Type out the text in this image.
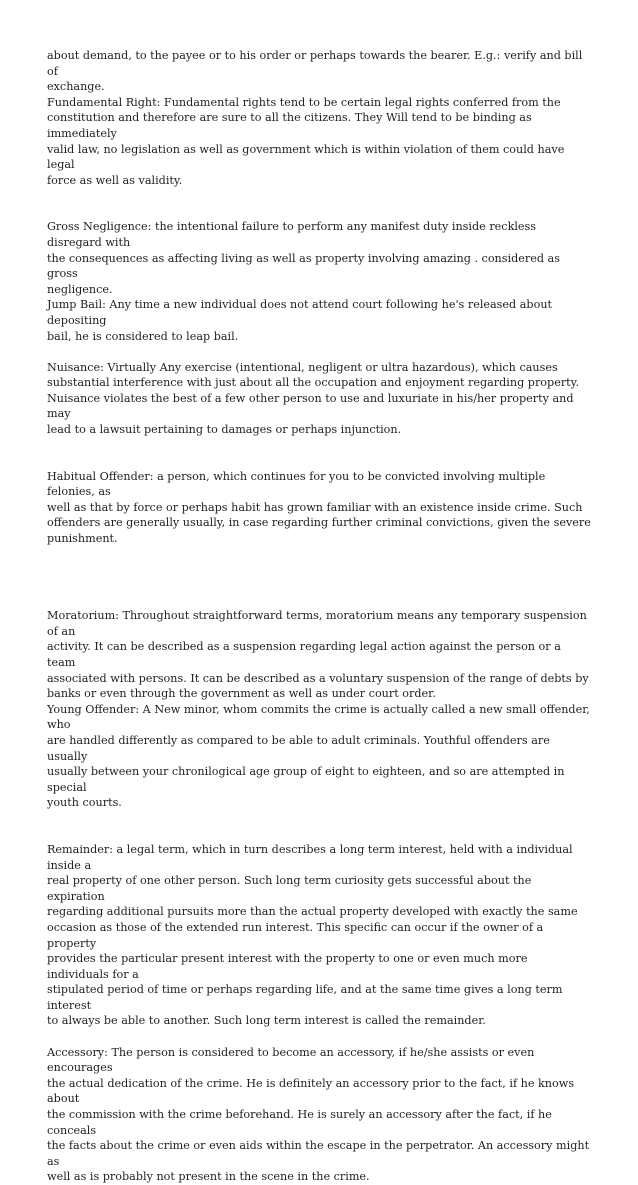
about demand, to the payee or to his order or perhaps towards the bearer. E.g.: verify and bill of
exchange.

Fundamental Right: Fundamental rights tend to be certain legal rights conferred from the
constitution and therefore are sure to all the citizens. They Will tend to be binding as immediately
valid law, no legislation as well as government which is within violation of them could have legal
force as well as validity.

Gross Negligence: the intentional failure to perform any manifest duty inside reckless disregard with
the consequences as affecting living as well as property involving amazing . considered as gross
negligence.

Jump Bail: Any time a new individual does not attend court following he's released about depositing
bail, he is considered to leap bail.

Nuisance: Virtually Any exercise (intentional, negligent or ultra hazardous), which causes
substantial interference with just about all the occupation and enjoyment regarding property.
Nuisance violates the best of a few other person to use and luxuriate in his/her property and may
lead to a lawsuit pertaining to damages or perhaps injunction.

Habitual Offender: a person, which continues for you to be convicted involving multiple felonies, as
well as that by force or perhaps habit has grown familiar with an existence inside crime. Such
offenders are generally usually, in case regarding further criminal convictions, given the severe
punishment.

Moratorium: Throughout straightforward terms, moratorium means any temporary suspension of an
activity. It can be described as a suspension regarding legal action against the person or a team
associated with persons. It can be described as a voluntary suspension of the range of debts by
banks or even through the government as well as under court order.

Young Offender: A New minor, whom commits the crime is actually called a new small offender, who
are handled differently as compared to be able to adult criminals. Youthful offenders are usually
usually between your chronilogical age group of eight to eighteen, and so are attempted in special
youth courts.

Remainder: a legal term, which in turn describes a long term interest, held with a individual inside a
real property of one other person. Such long term curiosity gets successful about the expiration
regarding additional pursuits more than the actual property developed with exactly the same
occasion as those of the extended run interest. This specific can occur if the owner of a property
provides the particular present interest with the property to one or even much more individuals for a
stipulated period of time or perhaps regarding life, and at the same time gives a long term interest
to always be able to another. Such long term interest is called the remainder.

Accessory: The person is considered to become an accessory, if he/she assists or even encourages
the actual dedication of the crime. He is definitely an accessory prior to the fact, if he knows about
the commission with the crime beforehand. He is surely an accessory after the fact, if he conceals
the facts about the crime or even aids within the escape in the perpetrator. An accessory might as
well as is probably not present in the scene in the crime.
